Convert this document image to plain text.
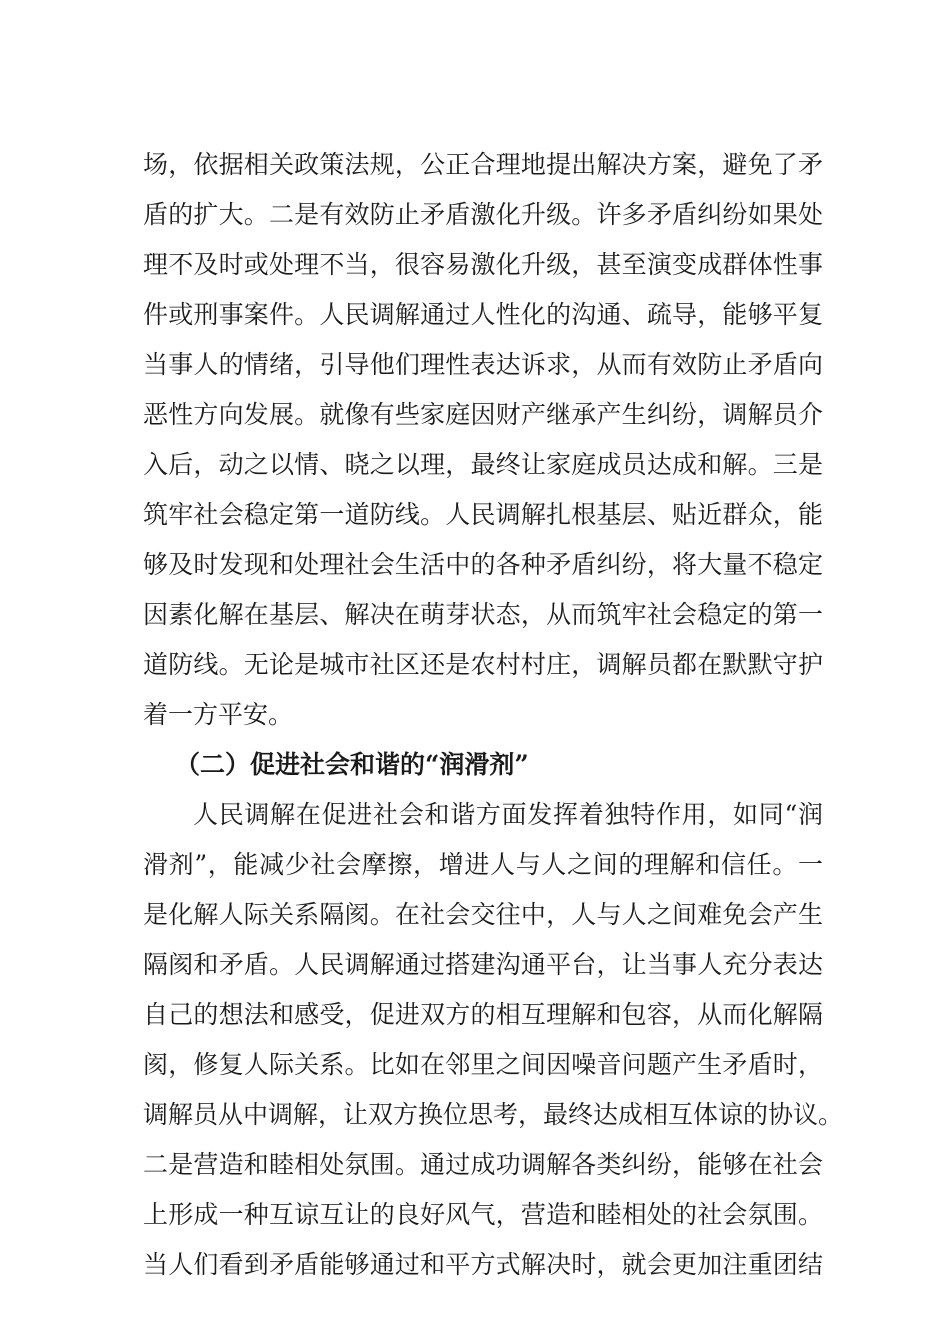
场，依据相关政策法规，公正合理地提出解决方案，避免了矛

盾的扩大。二是有效防止矛盾激化升级。许多矛盾纠纷如果处

理不及时或处理不当，很容易激化升级，甚至演变成群体性事

件或刑事案件。人民调解通过人性化的沟通、疏导，能够平复

当事人的情绪，引导他们理性表达诉求，从而有效防止矛盾向

恶性方向发展。就像有些家庭因财产继承产生纠纷，调解员介

入后，动之以情、晓之以理，最终让家庭成员达成和解。三是

筑牢社会稳定第一道防线。人民调解扎根基层、贴近群众，能

够及时发现和处理社会生活中的各种矛盾纠纷，将大量不稳定

因素化解在基层、解决在萌芽状态，从而筑牢社会稳定的第一

道防线。无论是城市社区还是农村村庄，调解员都在默默守护

着一方平安。

（二）促进社会和谐的“润滑剂”

人民调解在促进社会和谐方面发挥着独特作用，如同“润

滑剂”，能减少社会摩擦，增进人与人之间的理解和信任。一

是化解人际关系隔阂。在社会交往中，人与人之间难免会产生

隔阂和矛盾。人民调解通过搭建沟通平台，让当事人充分表达

自己的想法和感受，促进双方的相互理解和包容，从而化解隔

阂，修复人际关系。比如在邻里之间因噪音问题产生矛盾时，

调解员从中调解，让双方换位思考，最终达成相互体谅的协议。

二是营造和睦相处氛围。通过成功调解各类纠纷，能够在社会

上形成一种互谅互让的良好风气，营造和睦相处的社会氛围。

当人们看到矛盾能够通过和平方式解决时，就会更加注重团结
